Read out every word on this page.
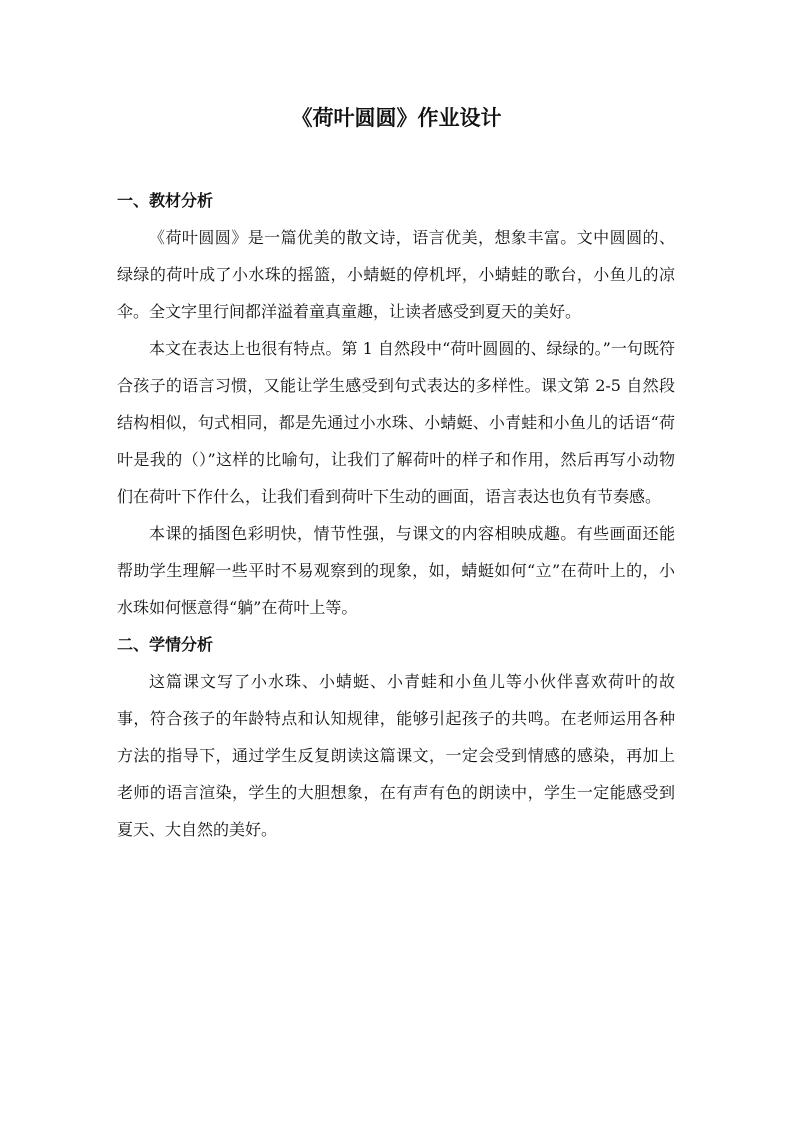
《荷叶圆圆》作业设计

一、教材分析

《荷叶圆圆》是一篇优美的散文诗，语言优美，想象丰富。文中圆圆的、绿绿的荷叶成了小水珠的摇篮，小蜻蜓的停机坪，小蜻蛙的歌台，小鱼儿的凉伞。全文字里行间都洋溢着童真童趣，让读者感受到夏天的美好。

本文在表达上也很有特点。第 1 自然段中“荷叶圆圆的、绿绿的。”一句既符合孩子的语言习惯，又能让学生感受到句式表达的多样性。课文第 2-5 自然段结构相似，句式相同，都是先通过小水珠、小蜻蜓、小青蛙和小鱼儿的话语“荷叶是我的（）”这样的比喻句，让我们了解荷叶的样子和作用，然后再写小动物们在荷叶下作什么，让我们看到荷叶下生动的画面，语言表达也负有节奏感。

本课的插图色彩明快，情节性强，与课文的内容相映成趣。有些画面还能帮助学生理解一些平时不易观察到的现象，如，蜻蜓如何“立”在荷叶上的，小水珠如何惬意得“躺”在荷叶上等。

二、学情分析

这篇课文写了小水珠、小蜻蜓、小青蛙和小鱼儿等小伙伴喜欢荷叶的故事，符合孩子的年龄特点和认知规律，能够引起孩子的共鸣。在老师运用各种方法的指导下，通过学生反复朗读这篇课文，一定会受到情感的感染，再加上老师的语言渲染，学生的大胆想象，在有声有色的朗读中，学生一定能感受到夏天、大自然的美好。
